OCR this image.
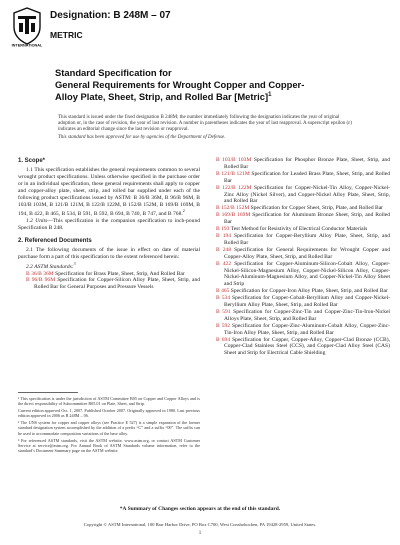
INTERNATIONAL
Designation: B 248M – 07
METRIC
Standard Specification for
General Requirements for Wrought Copper and Copper-
Alloy Plate, Sheet, Strip, and Rolled Bar [Metric]$^1$

This standard is issued under the fixed designation B 248M; the number immediately following the designation indicates the year of original adoption or, in the case of revision, the year of last revision. A number in parentheses indicates the year of last reapproval. A superscript epsilon (ε) indicates an editorial change since the last revision or reapproval.

This standard has been approved for use by agencies of the Department of Defense.

1. Scope*

1.1 This specification establishes the general requirements common to several wrought product specifications. Unless otherwise specified in the purchase order or in an individual specification, these general requirements shall apply to copper and copper-alloy plate, sheet, strip, and rolled bar supplied under each of the following product specifications issued by ASTM: B 36/B 36M, B 96/B 96M, B 103/B 103M, B 121/B 121M, B 122/B 122M, B 152/B 152M, B 169/B 169M, B 194, B 422, B 465, B 534, B 591, B 592, B 694, B 740, B 747, and B 768.$^2$

1.2 Units—This specification is the companion specification to inch-pound Specification B 248.

2. Referenced Documents

2.1 The following documents of the issue in effect on date of material purchase form a part of this specification to the extent referenced herein:

2.2 ASTM Standards:$^3$

B 36/B 36M Specification for Brass Plate, Sheet, Strip, And Rolled Bar

B 96/B 96M Specification for Copper-Silicon Alloy Plate, Sheet, Strip, and Rolled Bar for General Purposes and Pressure Vessels

¹ This specification is under the jurisdiction of ASTM Committee B05 on Copper and Copper Alloys and is the direct responsibility of Subcommittee B05.01 on Plate, Sheet, and Strip.

Current edition approved Oct. 1, 2007. Published October 2007. Originally approved in 1980. Last previous edition approved in 2006 as B 248M – 06.

² The UNS system for copper and copper alloys (see Practice E 527) is a simple expansion of the former standard designation system accomplished by the addition of a prefix “C” and a suffix “00”. The suffix can be used to accommodate composition variations of the base alloy.

³ For referenced ASTM standards, visit the ASTM website, www.astm.org, or contact ASTM Customer Service at service@astm.org. For Annual Book of ASTM Standards volume information, refer to the standard’s Document Summary page on the ASTM website.

B 103/B 103M Specification for Phosphor Bronze Plate, Sheet, Strip, and Rolled Bar

B 121/B 121M Specification for Leaded Brass Plate, Sheet, Strip, and Rolled Bar

B 122/B 122M Specification for Copper-Nickel-Tin Alloy, Copper-Nickel-Zinc Alloy (Nickel Silver), and Copper-Nickel Alloy Plate, Sheet, Strip, and Rolled Bar

B 152/B 152M Specification for Copper Sheet, Strip, Plate, and Rolled Bar

B 169/B 169M Specification for Aluminum Bronze Sheet, Strip, and Rolled Bar

B 193 Test Method for Resistivity of Electrical Conductor Materials

B 194 Specification for Copper-Beryllium Alloy Plate, Sheet, Strip, and Rolled Bar

B 248 Specification for General Requirements for Wrought Copper and Copper-Alloy Plate, Sheet, Strip, and Rolled Bar

B 422 Specification for Copper-Aluminum-Silicon-Cobalt Alloy, Copper-Nickel-Silicon-Magnesium Alloy, Copper-Nickel-Silicon Alloy, Copper-Nickel-Aluminum-Magnesium Alloy, and Copper-Nickel-Tin Alloy Sheet and Strip

B 465 Specification for Copper-Iron Alloy Plate, Sheet, Strip, and Rolled Bar

B 534 Specification for Copper-Cobalt-Beryllium Alloy and Copper-Nickel-Beryllium Alloy Plate, Sheet, Strip, and Rolled Bar

B 591 Specification for Copper-Zinc-Tin and Copper-Zinc-Tin-Iron-Nickel Alloys Plate, Sheet, Strip, and Rolled Bar

B 592 Specification for Copper-Zinc-Aluminum-Cobalt Alloy, Copper-Zinc-Tin-Iron Alloy Plate, Sheet, Strip, and Rolled Bar

B 694 Specification for Copper, Copper-Alloy, Copper-Clad Bronze (CCB), Copper-Clad Stainless Steel (CCS), and Copper-Clad Alloy Steel (CAS) Sheet and Strip for Electrical Cable Shielding

*A Summary of Changes section appears at the end of this standard.
Copyright © ASTM International, 100 Barr Harbor Drive, PO Box C700, West Conshohocken, PA 19428-2959, United States.
1
